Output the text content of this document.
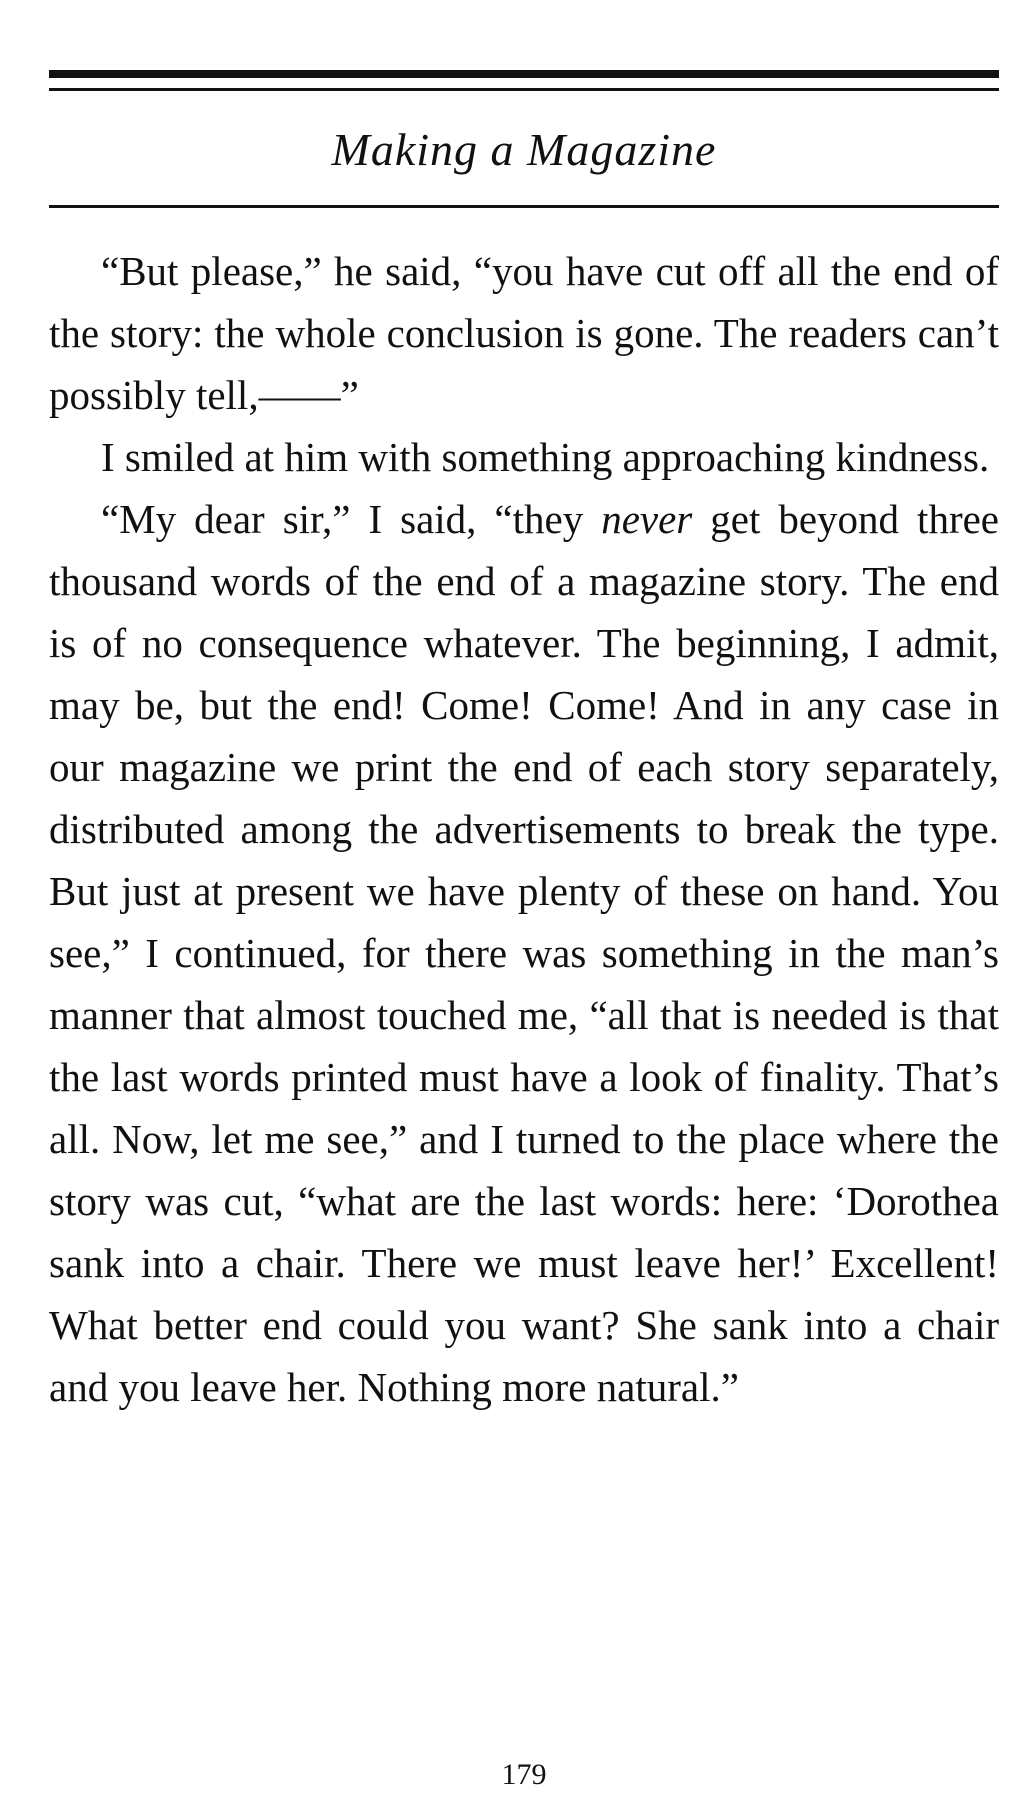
Making a Magazine

“But please,” he said, “you have cut off all the end of the story: the whole conclusion is gone. The readers can’t possibly tell,——”

I smiled at him with something approaching kindness.

“My dear sir,” I said, “they never get beyond three thousand words of the end of a magazine story. The end is of no consequence whatever. The beginning, I admit, may be, but the end! Come! Come! And in any case in our magazine we print the end of each story separately, distributed among the advertisements to break the type. But just at present we have plenty of these on hand. You see,” I continued, for there was something in the man’s manner that almost touched me, “all that is needed is that the last words printed must have a look of finality. That’s all. Now, let me see,” and I turned to the place where the story was cut, “what are the last words: here: ‘Dorothea sank into a chair. There we must leave her!’ Excellent! What better end could you want? She sank into a chair and you leave her. Nothing more natural.”

179
